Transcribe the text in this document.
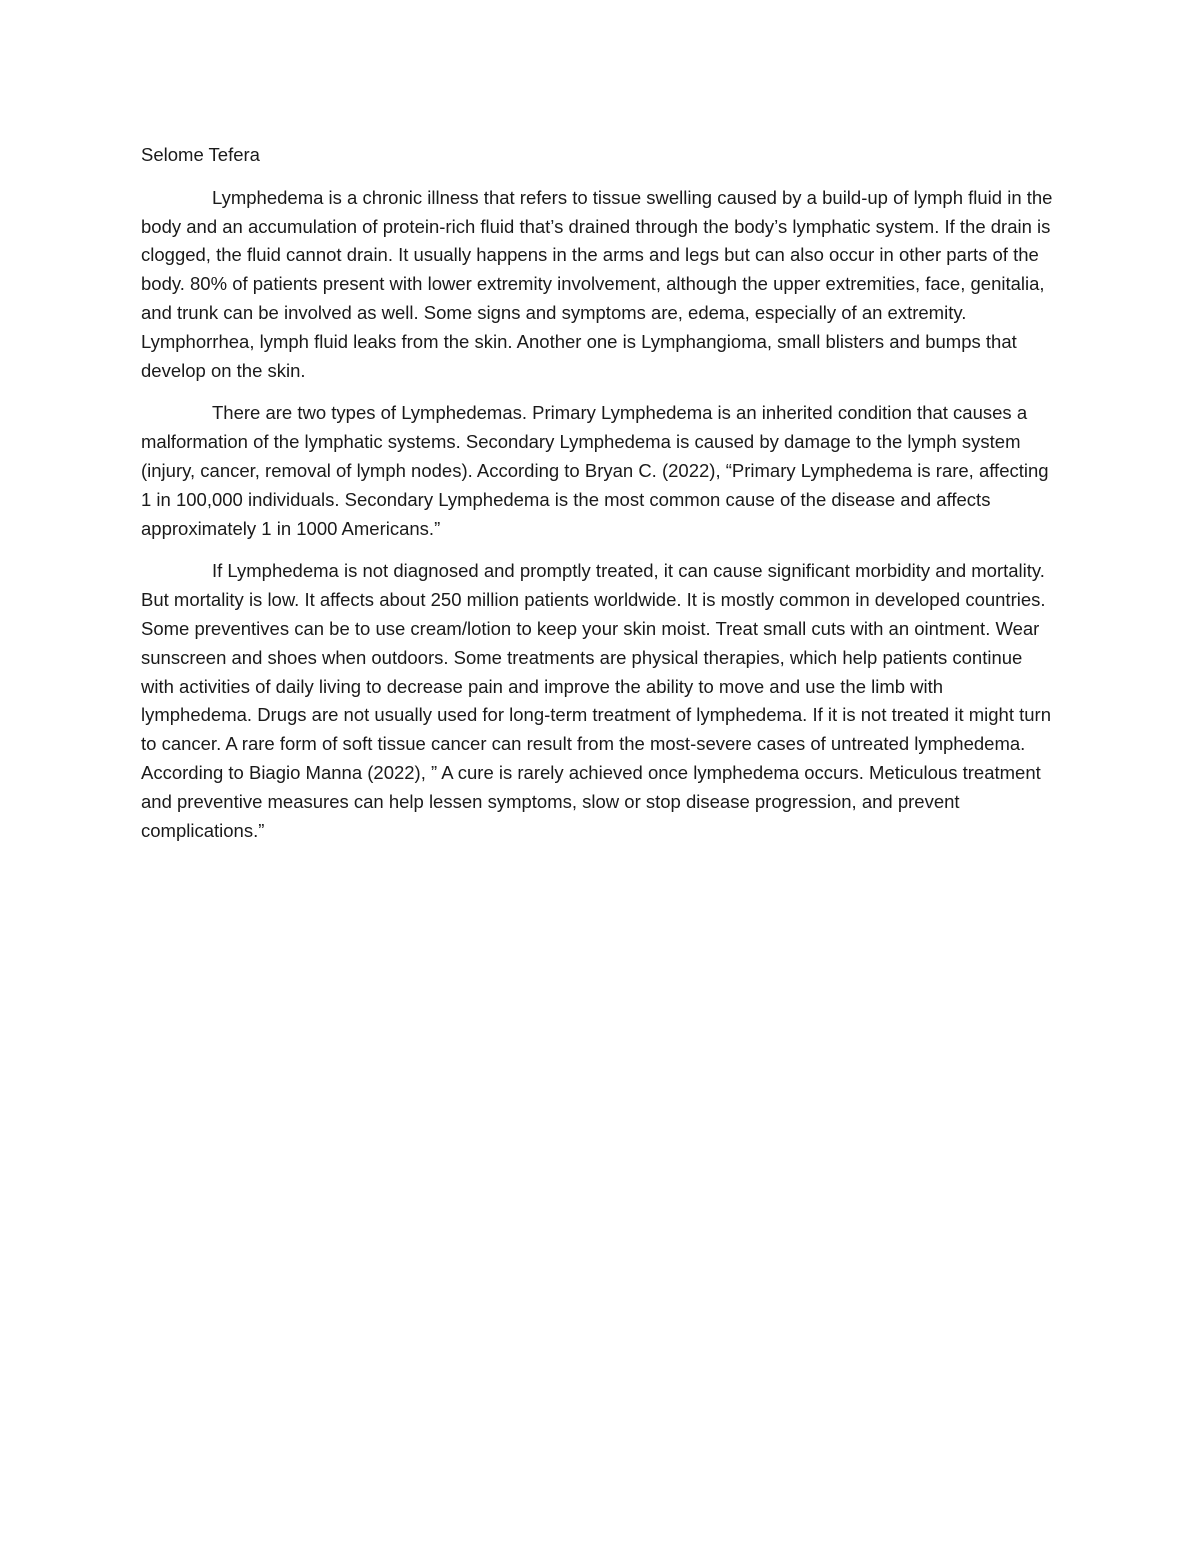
Selome Tefera

Lymphedema is a chronic illness that refers to tissue swelling caused by a build-up of lymph fluid in the body and an accumulation of protein-rich fluid that’s drained through the body’s lymphatic system. If the drain is clogged, the fluid cannot drain. It usually happens in the arms and legs but can also occur in other parts of the body. 80% of patients present with lower extremity involvement, although the upper extremities, face, genitalia, and trunk can be involved as well. Some signs and symptoms are, edema, especially of an extremity. Lymphorrhea, lymph fluid leaks from the skin. Another one is Lymphangioma, small blisters and bumps that develop on the skin.

There are two types of Lymphedemas. Primary Lymphedema is an inherited condition that causes a malformation of the lymphatic systems. Secondary Lymphedema is caused by damage to the lymph system (injury, cancer, removal of lymph nodes). According to Bryan C. (2022), “Primary Lymphedema is rare, affecting 1 in 100,000 individuals. Secondary Lymphedema is the most common cause of the disease and affects approximately 1 in 1000 Americans.”

If Lymphedema is not diagnosed and promptly treated, it can cause significant morbidity and mortality. But mortality is low. It affects about 250 million patients worldwide. It is mostly common in developed countries. Some preventives can be to use cream/lotion to keep your skin moist. Treat small cuts with an ointment. Wear sunscreen and shoes when outdoors. Some treatments are physical therapies, which help patients continue with activities of daily living to decrease pain and improve the ability to move and use the limb with lymphedema. Drugs are not usually used for long-term treatment of lymphedema. If it is not treated it might turn to cancer. A rare form of soft tissue cancer can result from the most-severe cases of untreated lymphedema. According to Biagio Manna (2022), ” A cure is rarely achieved once lymphedema occurs. Meticulous treatment and preventive measures can help lessen symptoms, slow or stop disease progression, and prevent complications.”
